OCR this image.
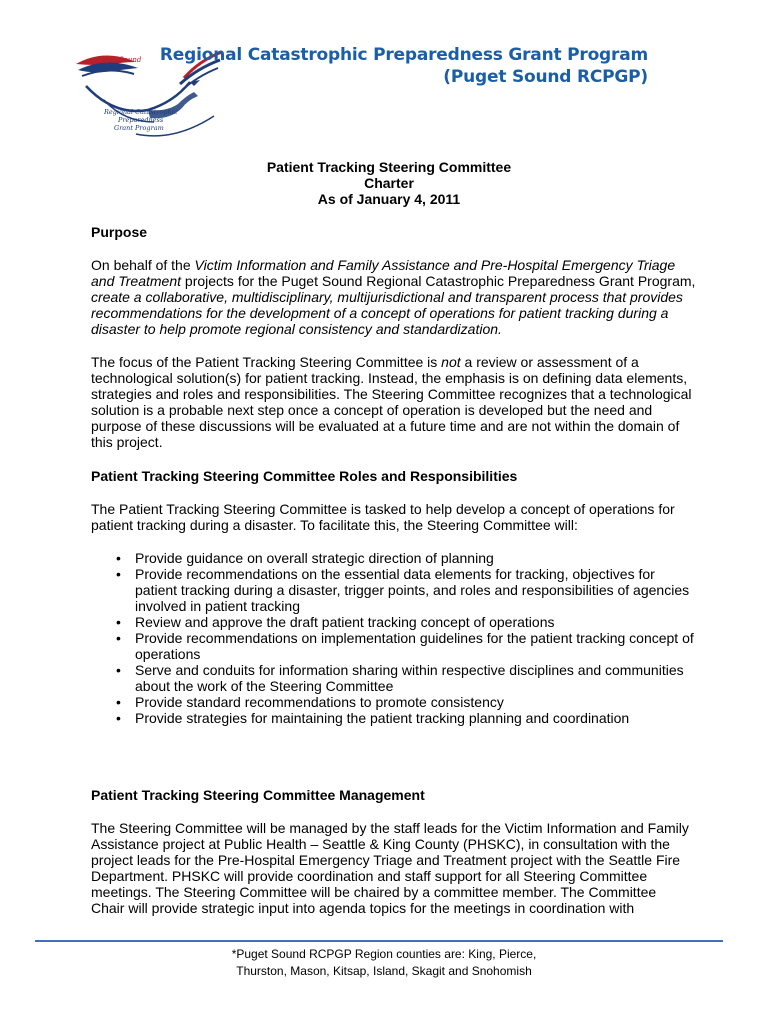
Puget Sound
Regional Catastrophic
Preparedness
Grant Program
Regional Catastrophic Preparedness Grant Program
(Puget Sound RCPGP)
Patient Tracking Steering Committee
Charter
As of January 4, 2011
Purpose
On behalf of the Victim Information and Family Assistance and Pre-Hospital Emergency Triage
and Treatment projects for the Puget Sound Regional Catastrophic Preparedness Grant Program,
create a collaborative, multidisciplinary, multijurisdictional and transparent process that provides
recommendations for the development of a concept of operations for patient tracking during a
disaster to help promote regional consistency and standardization.
The focus of the Patient Tracking Steering Committee is not a review or assessment of a
technological solution(s) for patient tracking. Instead, the emphasis is on defining data elements,
strategies and roles and responsibilities. The Steering Committee recognizes that a technological
solution is a probable next step once a concept of operation is developed but the need and
purpose of these discussions will be evaluated at a future time and are not within the domain of
this project.
Patient Tracking Steering Committee Roles and Responsibilities
The Patient Tracking Steering Committee is tasked to help develop a concept of operations for
patient tracking during a disaster. To facilitate this, the Steering Committee will:
• Provide guidance on overall strategic direction of planning
• Provide recommendations on the essential data elements for tracking, objectives for
patient tracking during a disaster, trigger points, and roles and responsibilities of agencies
involved in patient tracking
• Review and approve the draft patient tracking concept of operations
• Provide recommendations on implementation guidelines for the patient tracking concept of
operations
• Serve and conduits for information sharing within respective disciplines and communities
about the work of the Steering Committee
• Provide standard recommendations to promote consistency
• Provide strategies for maintaining the patient tracking planning and coordination
Patient Tracking Steering Committee Management
The Steering Committee will be managed by the staff leads for the Victim Information and Family
Assistance project at Public Health – Seattle & King County (PHSKC), in consultation with the
project leads for the Pre-Hospital Emergency Triage and Treatment project with the Seattle Fire
Department. PHSKC will provide coordination and staff support for all Steering Committee
meetings. The Steering Committee will be chaired by a committee member. The Committee
Chair will provide strategic input into agenda topics for the meetings in coordination with
*Puget Sound RCPGP Region counties are: King, Pierce,
Thurston, Mason, Kitsap, Island, Skagit and Snohomish
